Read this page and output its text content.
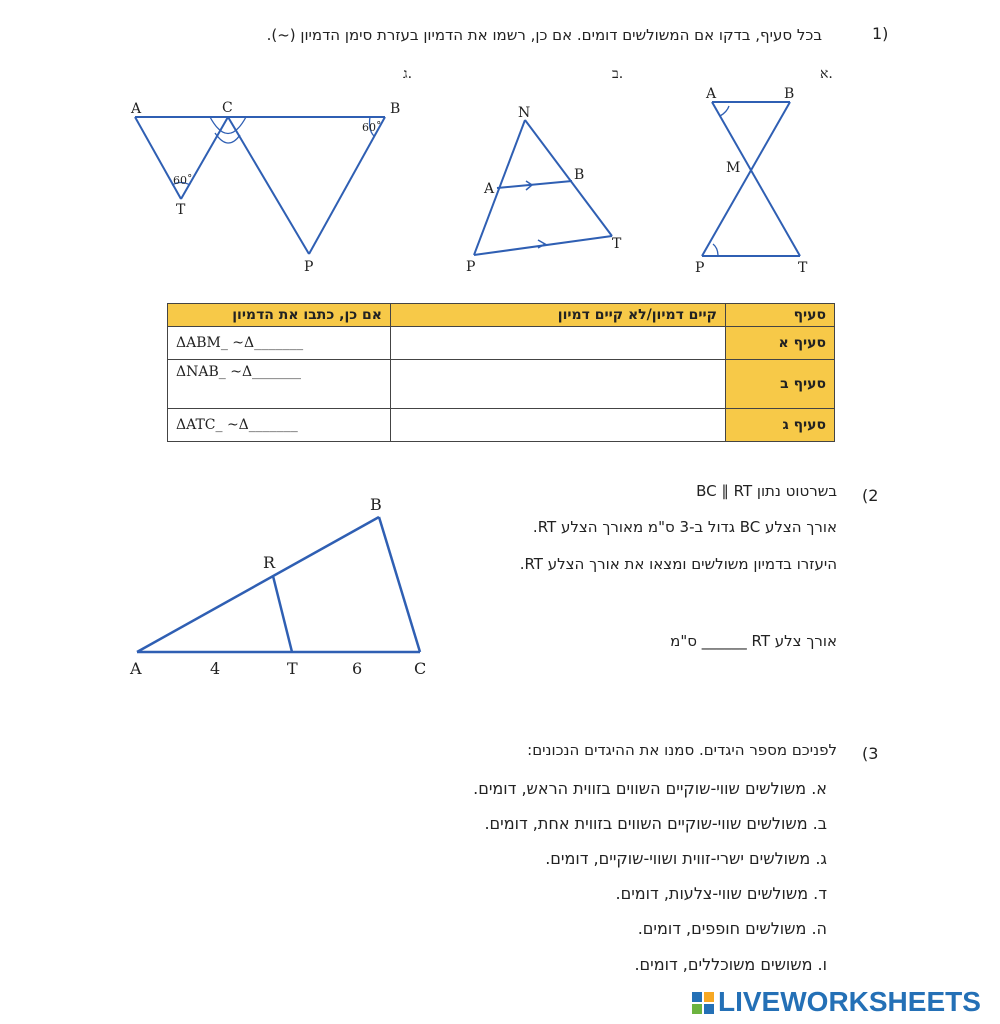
1)
בכל סעיף, בדקו אם המשולשים דומים. אם כן, רשמו את הדמיון בעזרת סימן הדמיון (~).
א.
A	B
M
P	T
ב.
N
A
B
P
T
ג.
A	C	B
T
P
60˚
60˚
אם כן, כתבו את הדמיון	קיים דמיון/לא קיים דמיון	סעיף
ΔABM_ ~Δ_______		סעיף א
ΔNAB_ ~Δ_______		סעיף ב
ΔATC_ ~Δ_______		סעיף ג
(2
בשרטוט נתון BC ∥ RT
אורך הצלע BC גדול ב-3 ס"מ מאורך הצלע RT.
היעזרו בדמיון משולשים ומצאו את אורך הצלע RT.
אורך צלע RT ______ ס"מ
B
R
A	T	C
4	6
(3
לפניכם מספר היגדים. סמנו את ההיגדים הנכונים:
א. משולשים שווי-שוקיים השווים בזווית הראש, דומים.
ב. משולשים שווי-שוקיים השווים בזווית אחת, דומים.
ג. משולשים ישרי-זווית ושווי-שוקיים, דומים.
ד. משולשים שווי-צלעות, דומים.
ה. משולשים חופפים, דומים.
ו. משושים משוכללים, דומים.
LIVEWORKSHEETS
